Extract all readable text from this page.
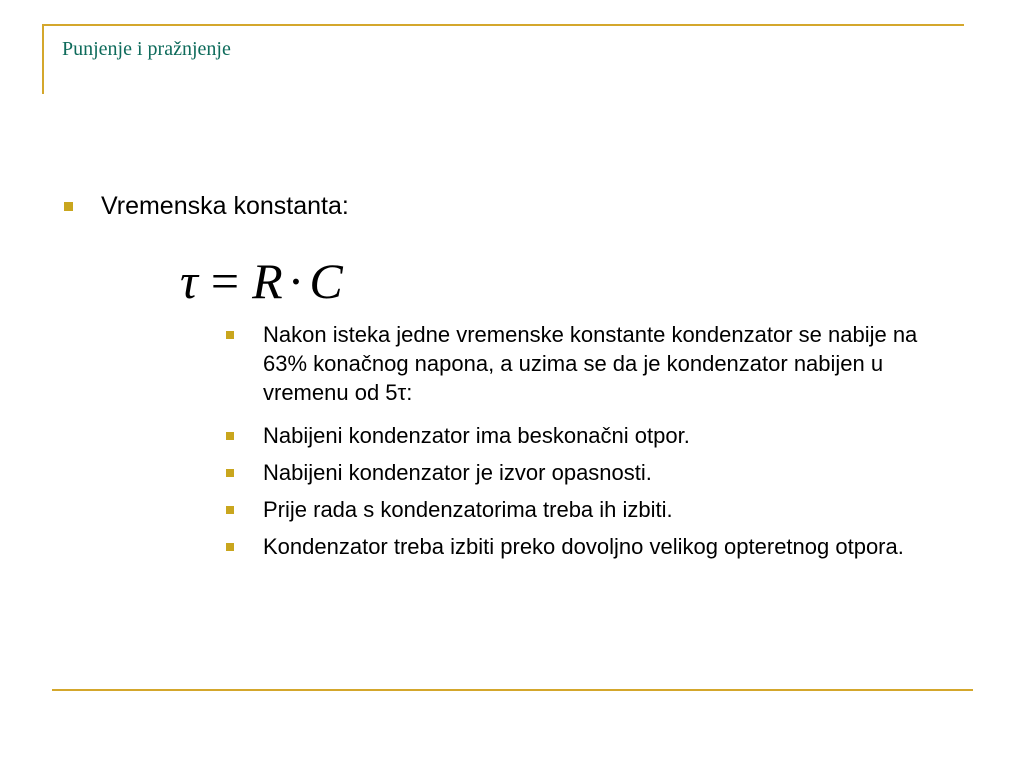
Punjenje i pražnjenje
Vremenska konstanta:
τ = R·C
Nakon isteka jedne vremenske konstante kondenzator se nabije na 63% konačnog napona, a uzima se da je kondenzator nabijen u vremenu od 5τ:
Nabijeni kondenzator ima beskonačni otpor.
Nabijeni kondenzator je izvor opasnosti.
Prije rada s kondenzatorima treba ih izbiti.
Kondenzator treba izbiti preko dovoljno velikog opteretnog otpora.
